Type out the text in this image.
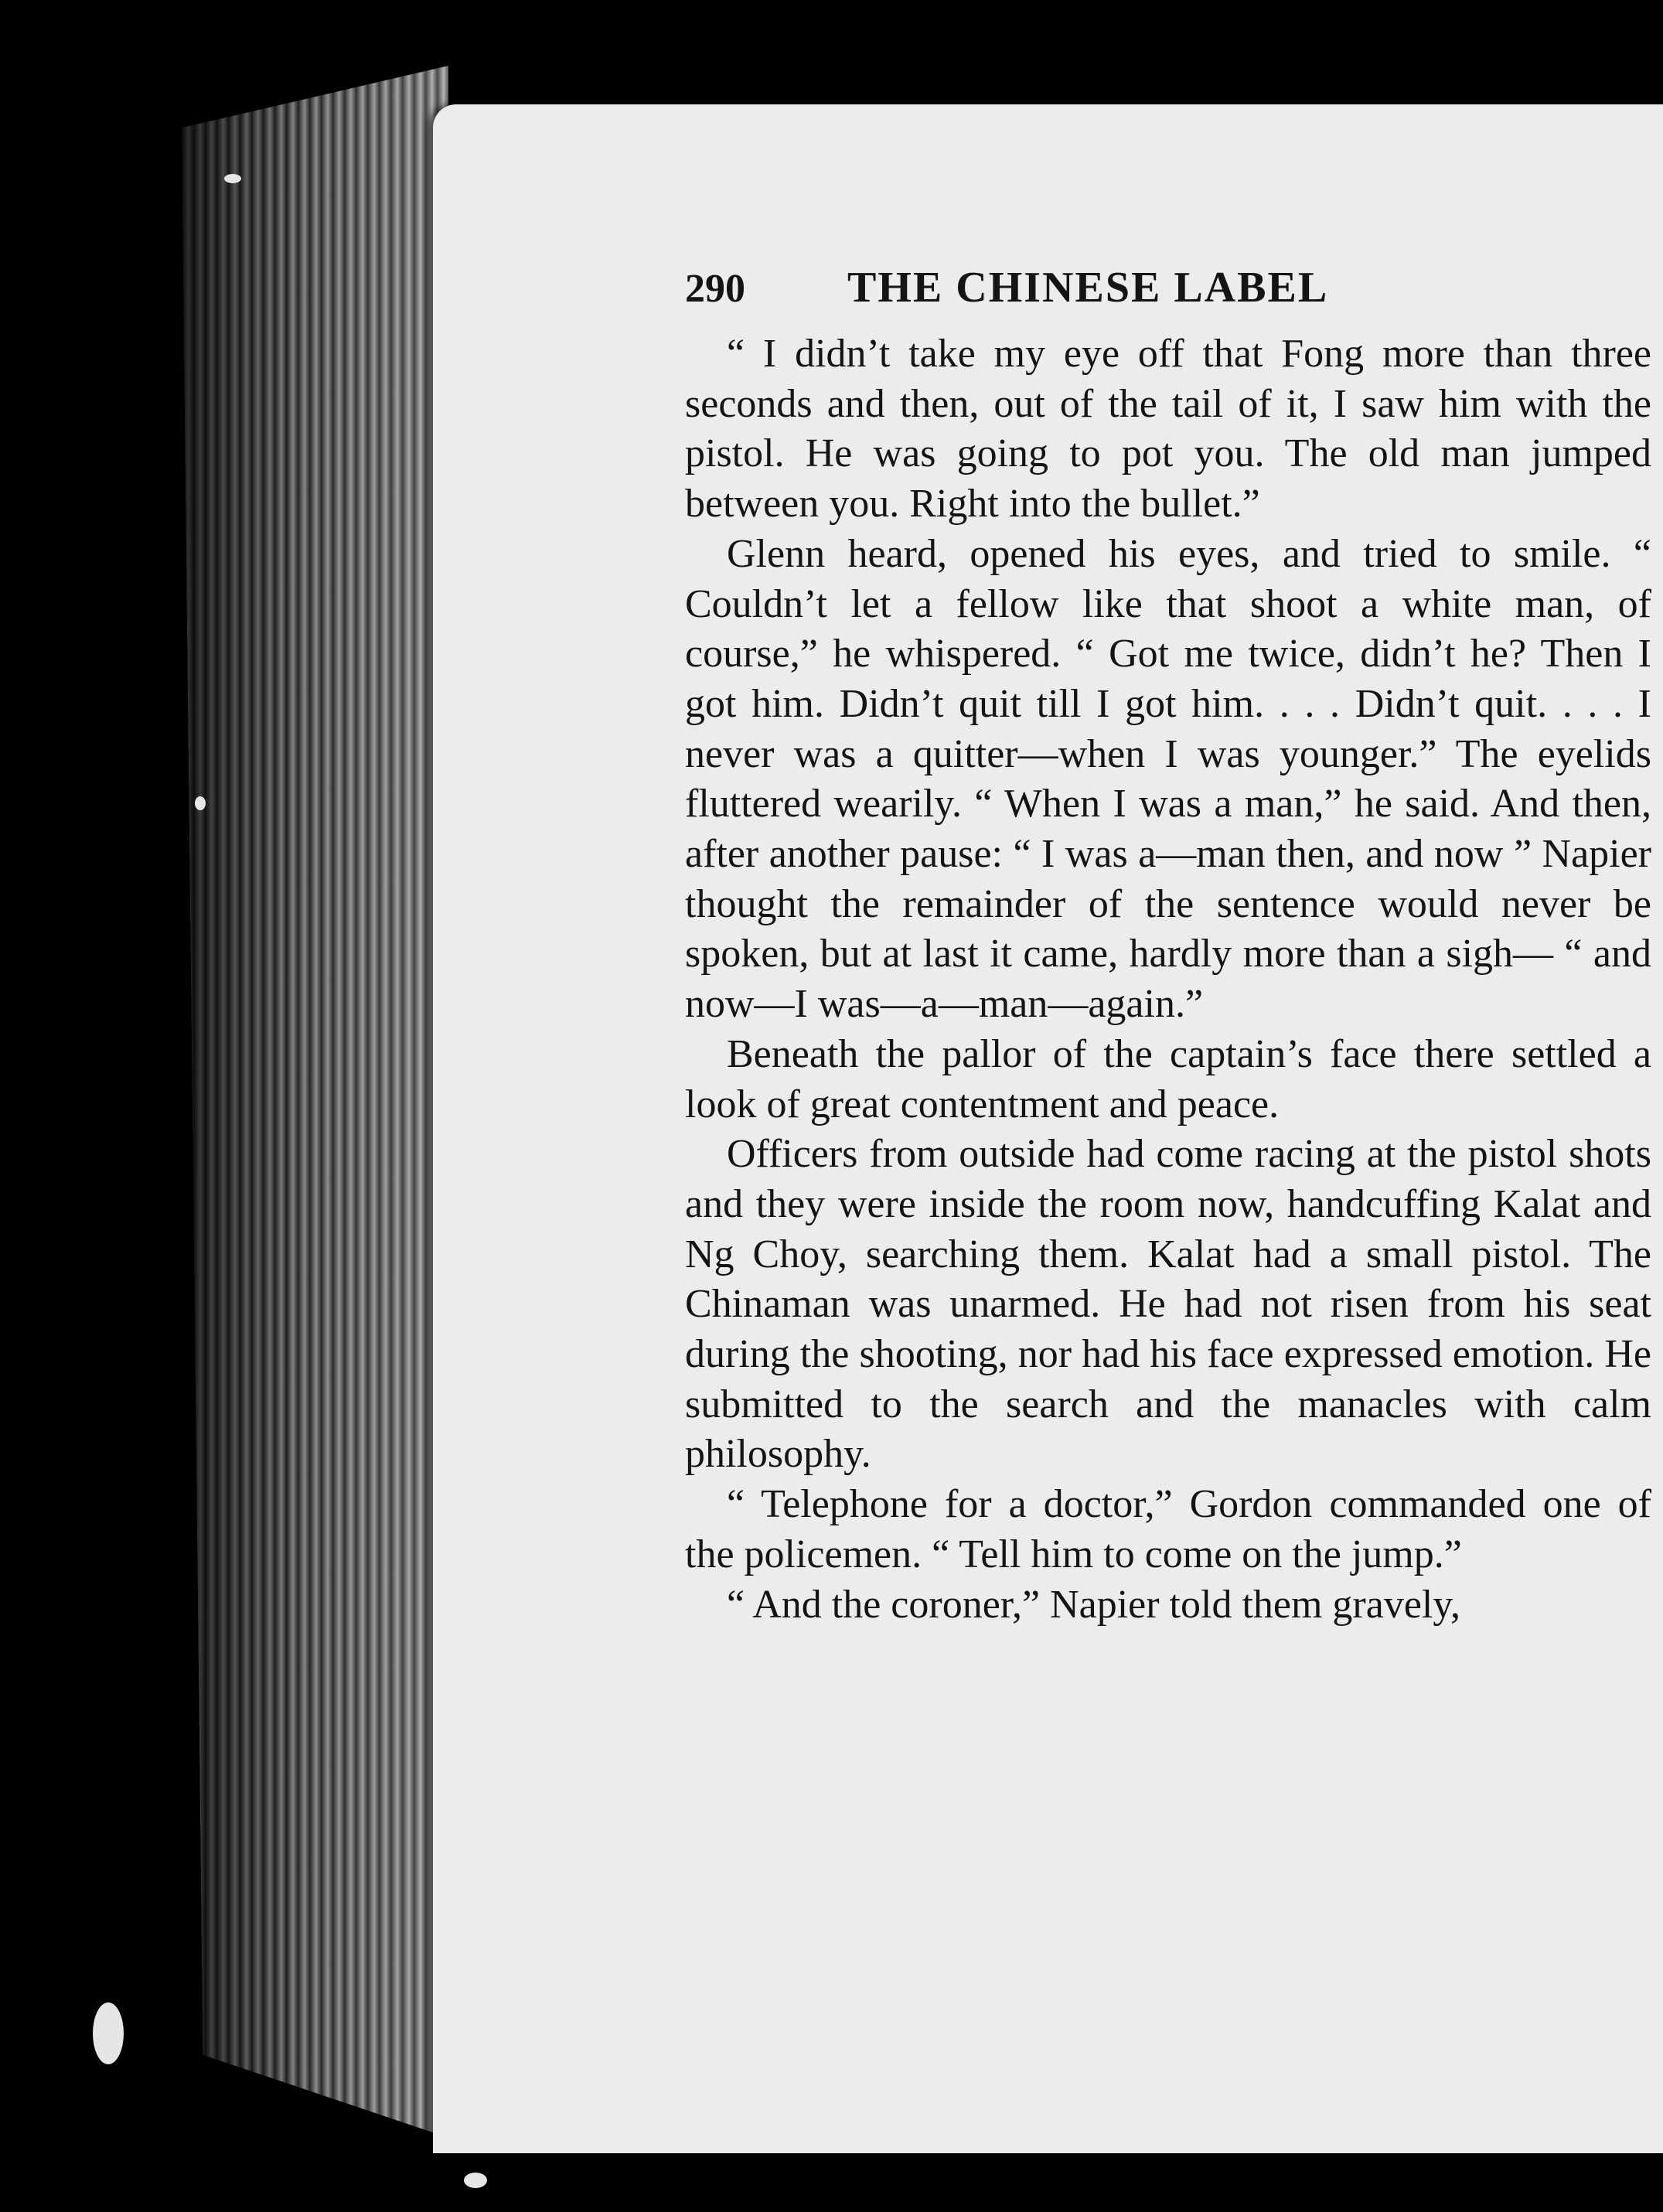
290	THE CHINESE LABEL

“ I didn’t take my eye off that Fong more than three seconds and then, out of the tail of it, I saw him with the pistol. He was going to pot you. The old man jumped between you. Right into the bullet.”

Glenn heard, opened his eyes, and tried to smile. “ Couldn’t let a fellow like that shoot a white man, of course,” he whispered. “ Got me twice, didn’t he? Then I got him. Didn’t quit till I got him. . . . Didn’t quit. . . . I never was a quitter—when I was younger.” The eyelids fluttered wearily. “ When I was a man,” he said. And then, after another pause: “ I was a—man then, and now ” Napier thought the remainder of the sentence would never be spoken, but at last it came, hardly more than a sigh— “ and now—I was—a—man—again.”

Beneath the pallor of the captain’s face there settled a look of great contentment and peace.

Officers from outside had come racing at the pistol shots and they were inside the room now, handcuffing Kalat and Ng Choy, searching them. Kalat had a small pistol. The Chinaman was unarmed. He had not risen from his seat during the shooting, nor had his face expressed emotion. He submitted to the search and the manacles with calm philosophy.

“ Telephone for a doctor,” Gordon commanded one of the policemen. “ Tell him to come on the jump.”

“ And the coroner,” Napier told them gravely,
